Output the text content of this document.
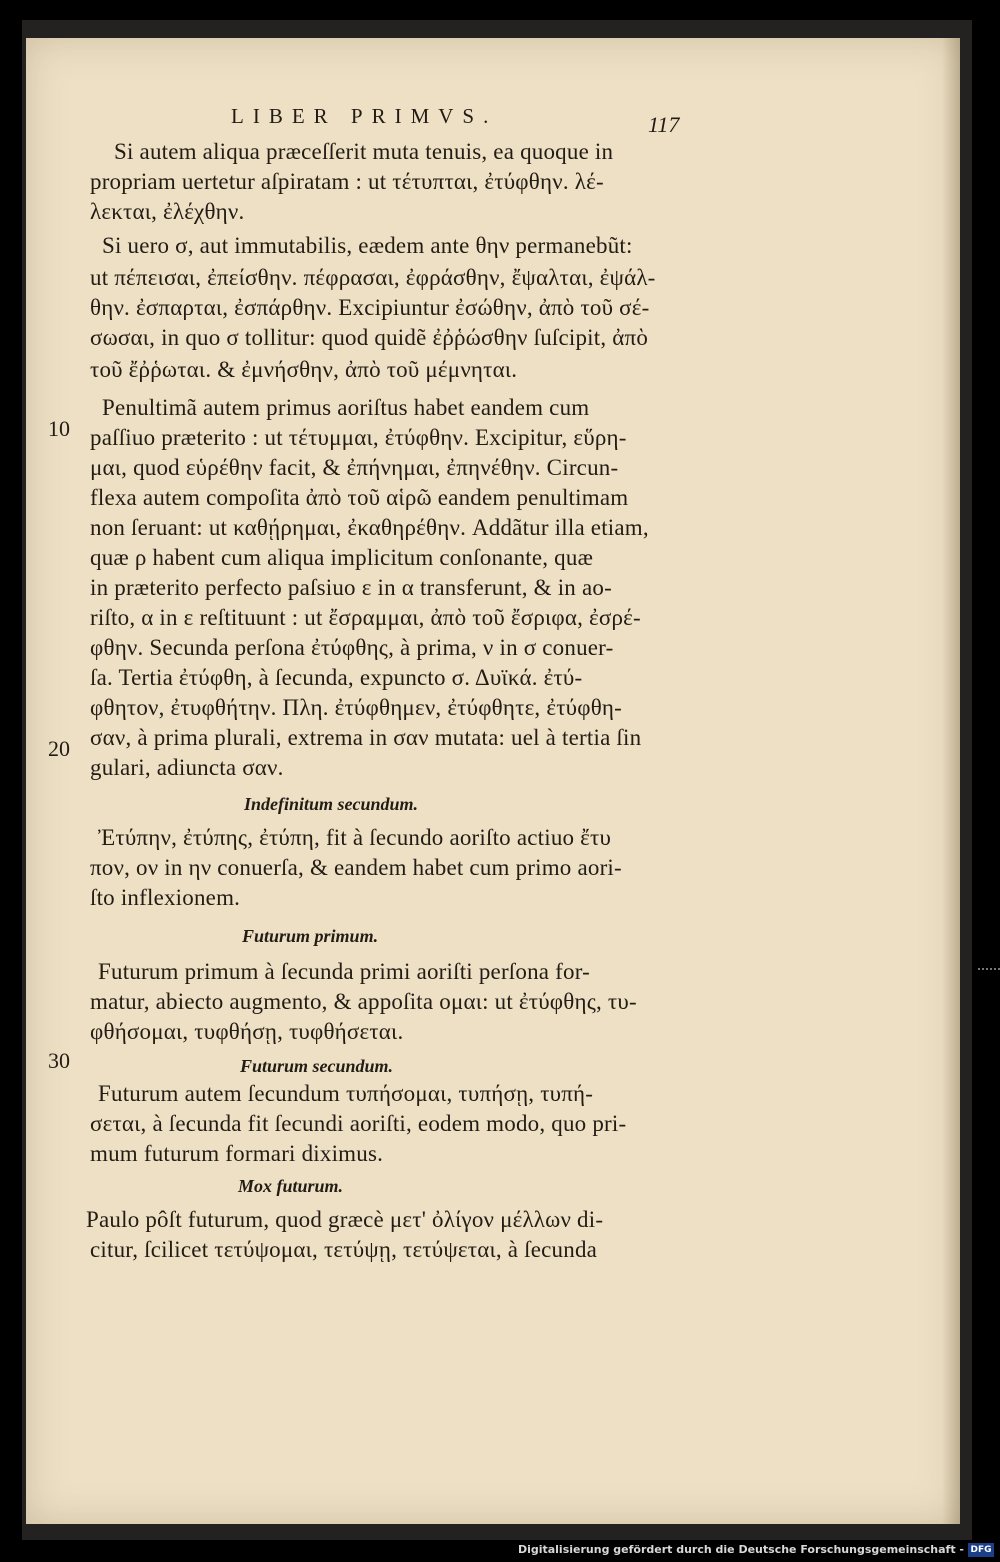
LIBER PRIMVS.	117
10
20
30
Si autem aliqua præceſſerit muta tenuis, ea quoque in
propriam uertetur aſpiratam : ut τέτυπται, ἐτύφθην. λέ-
λεκται, ἐλέχθην.
Si uero σ, aut immutabilis, eædem ante θην permanebũt:
ut πέπεισαι, ἐπείσθην. πέφρασαι, ἐφράσθην, ἔψαλται, ἐψάλ-
θην. ἐσπαρται, ἐσπάρθην. Excipiuntur ἐσώθην, ἀπὸ τοῦ σέ-
σωσαι, in quo σ tollitur: quod quidẽ ἐῤῥώσθην ſuſcipit, ἀπὸ
τοῦ ἔῤῥωται. & ἐμνήσθην, ἀπὸ τοῦ μέμνηται.
Penultimã autem primus aoriſtus habet eandem cum
paſſiuo præterito : ut τέτυμμαι, ἐτύφθην. Excipitur, εὕρη-
μαι, quod εὑρέθην facit, & ἐπήνημαι, ἐπηνέθην. Circun-
flexa autem compoſita ἀπὸ τοῦ αἱρῶ eandem penultimam
non ſeruant: ut καθῄρημαι, ἐκαθηρέθην. Addãtur illa etiam,
quæ ρ habent cum aliqua implicitum conſonante, quæ
in præterito perfecto paſsiuo ε in α transferunt, & in ao-
riſto, α in ε reſtituunt : ut ἔσραμμαι, ἀπὸ τοῦ ἔσριφα, ἐσρέ-
φθην. Secunda perſona ἐτύφθης, à prima, ν in σ conuer-
ſa. Tertia ἐτύφθη, à ſecunda, expuncto σ. Δυϊκά. ἐτύ-
φθητον, ἐτυφθήτην. Πλη. ἐτύφθημεν, ἐτύφθητε, ἐτύφθη-
σαν, à prima plurali, extrema in σαν mutata: uel à tertia ſin
gulari, adiuncta σαν.
Indefinitum secundum.
Ἐτύπην, ἐτύπης, ἐτύπη, fit à ſecundo aoriſto actiuo ἔτυ
πον, ον in ην conuerſa, & eandem habet cum primo aori-
ſto inflexionem.
Futurum primum.
Futurum primum à ſecunda primi aoriſti perſona for-
matur, abiecto augmento, & appoſita ομαι: ut ἐτύφθης, τυ-
φθήσομαι, τυφθήσῃ, τυφθήσεται.
Futurum secundum.
Futurum autem ſecundum τυπήσομαι, τυπήσῃ, τυπή-
σεται, à ſecunda fit ſecundi aoriſti, eodem modo, quo pri-
mum futurum formari diximus.
Mox futurum.
Paulo pôſt futurum, quod græcè μετ' ὀλίγον μέλλων di-
citur, ſcilicet τετύψομαι, τετύψῃ, τετύψεται, à ſecunda
Digitalisierung gefördert durch die Deutsche Forschungsgemeinschaft - DFG
